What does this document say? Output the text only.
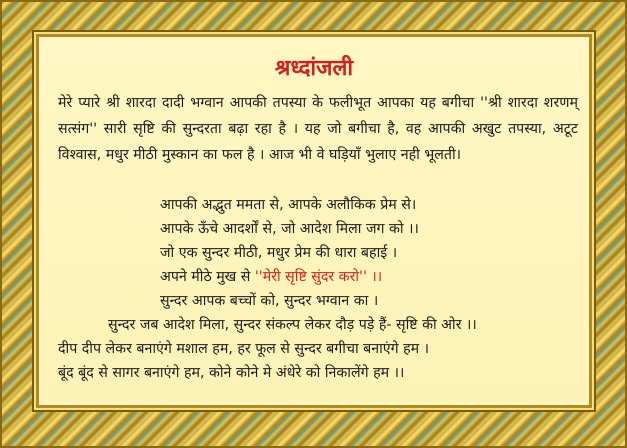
श्रध्दांजली

मेरे प्यारे श्री शारदा दादी भग्वान आपकी तपस्या के फलीभूत आपका यह बगीचा ''श्री शारदा शरणम् सत्संग'' सारी सृष्टि की सुन्दरता बढ़ा रहा है । यह जो बगीचा है, वह आपकी अखुट तपस्या, अटूट विश्वास, मधुर मीठी मुस्कान का फल है । आज भी वे घड़ियाँ भुलाए नही भूलती।

आपकी अद्भुत ममता से, आपके अलौकिक प्रेम से।
आपके ऊँचे आदर्शों से, जो आदेश मिला जग को ।।
जो एक सुन्दर मीठी, मधुर प्रेम की धारा बहाई ।
अपने मीठे मुख से ''मेरी सृष्टि सुंदर करो'' ।।
सुन्दर आपक बच्चों को, सुन्दर भग्वान का ।
सुन्दर जब आदेश मिला, सुन्दर संकल्प लेकर दौड़ पड़े हैं- सृष्टि की ओर ।।
दीप दीप लेकर बनाएंगे मशाल हम, हर फूल से सुन्दर बगीचा बनाएंगे हम ।
बूंद बूंद से सागर बनाएंगे हम, कोने कोने मे अंधेरे को निकालेंगे हम ।।
